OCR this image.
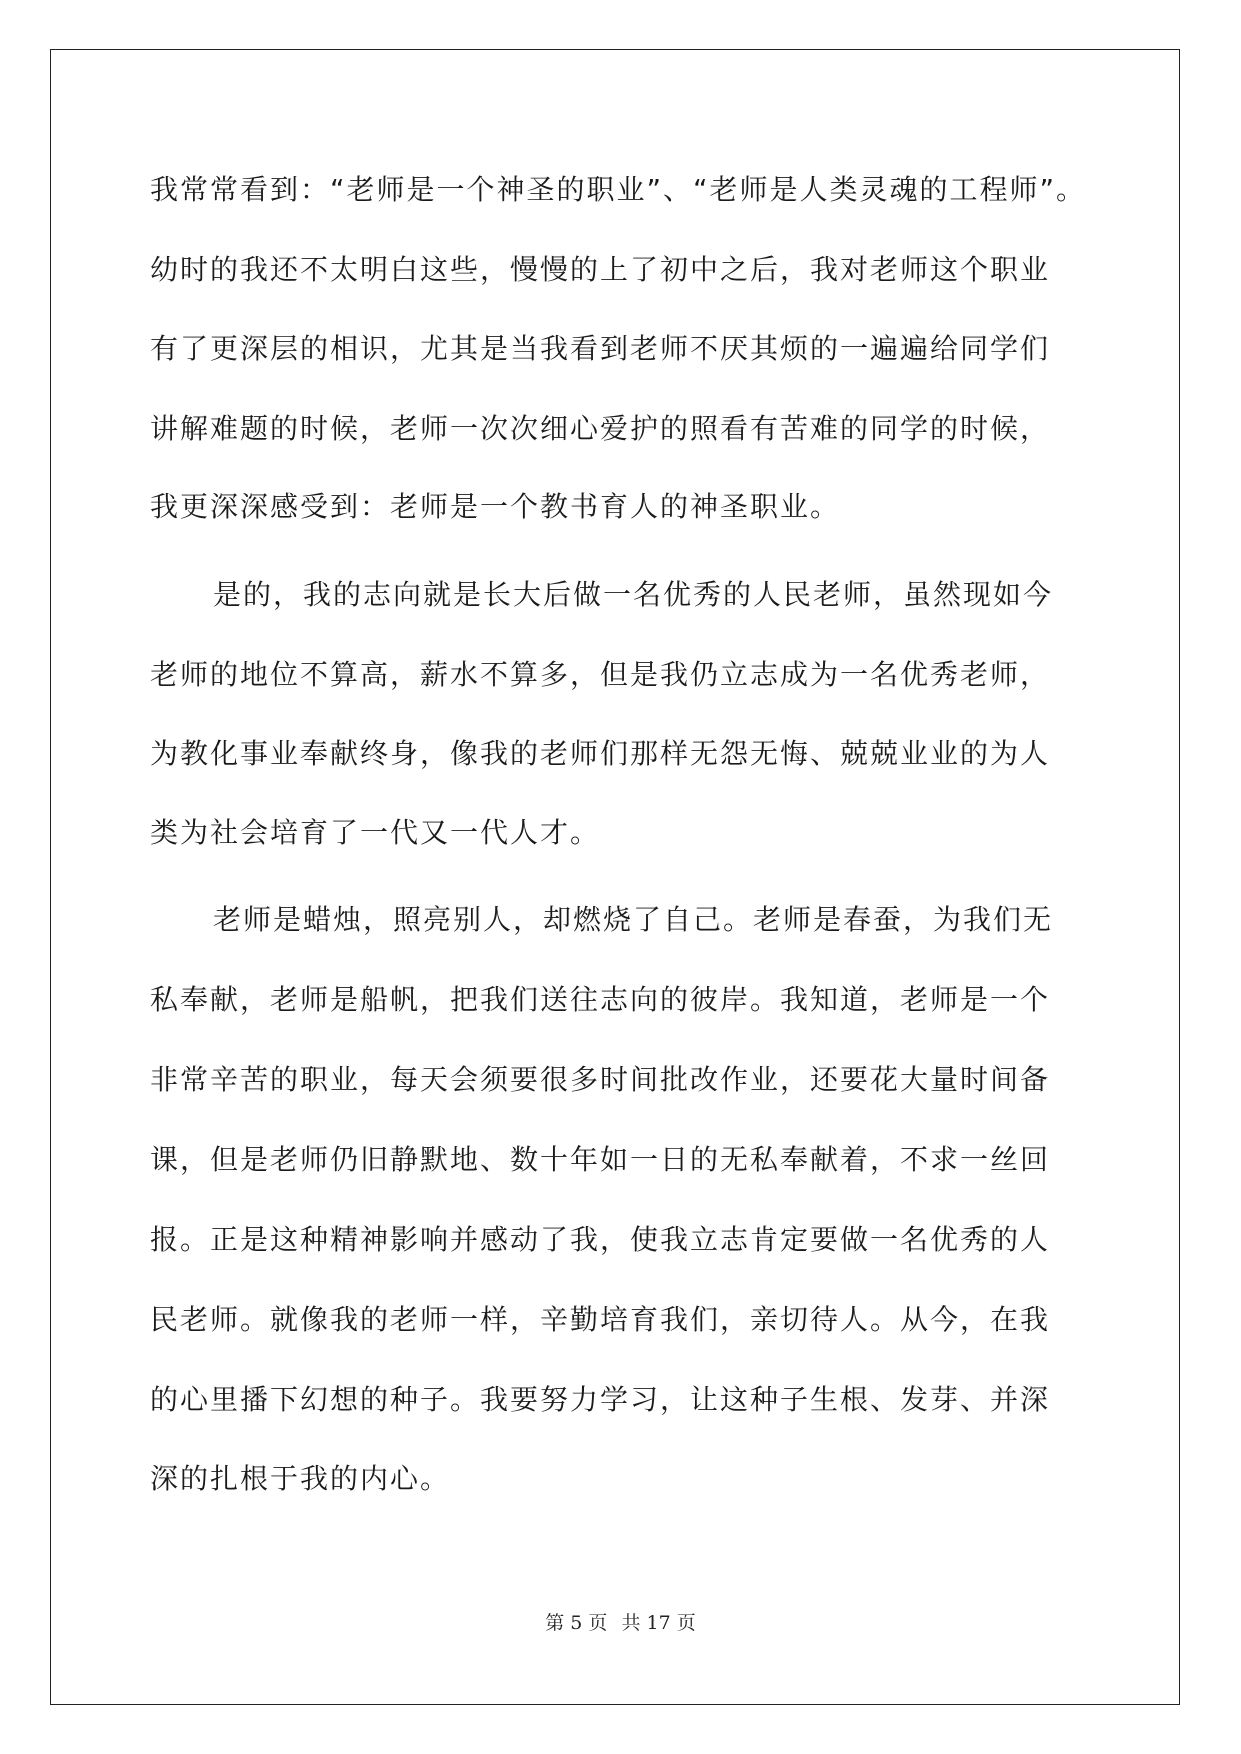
我常常看到：“老师是一个神圣的职业”、“老师是人类灵魂的工程师”。

幼时的我还不太明白这些，慢慢的上了初中之后，我对老师这个职业

有了更深层的相识，尤其是当我看到老师不厌其烦的一遍遍给同学们

讲解难题的时候，老师一次次细心爱护的照看有苦难的同学的时候，

我更深深感受到：老师是一个教书育人的神圣职业。

是的，我的志向就是长大后做一名优秀的人民老师，虽然现如今

老师的地位不算高，薪水不算多，但是我仍立志成为一名优秀老师，

为教化事业奉献终身，像我的老师们那样无怨无悔、兢兢业业的为人

类为社会培育了一代又一代人才。

老师是蜡烛，照亮别人，却燃烧了自己。老师是春蚕，为我们无

私奉献，老师是船帆，把我们送往志向的彼岸。我知道，老师是一个

非常辛苦的职业，每天会须要很多时间批改作业，还要花大量时间备

课，但是老师仍旧静默地、数十年如一日的无私奉献着，不求一丝回

报。正是这种精神影响并感动了我，使我立志肯定要做一名优秀的人

民老师。就像我的老师一样，辛勤培育我们，亲切待人。从今，在我

的心里播下幻想的种子。我要努力学习，让这种子生根、发芽、并深

深的扎根于我的内心。

第 5 页 共 17 页
